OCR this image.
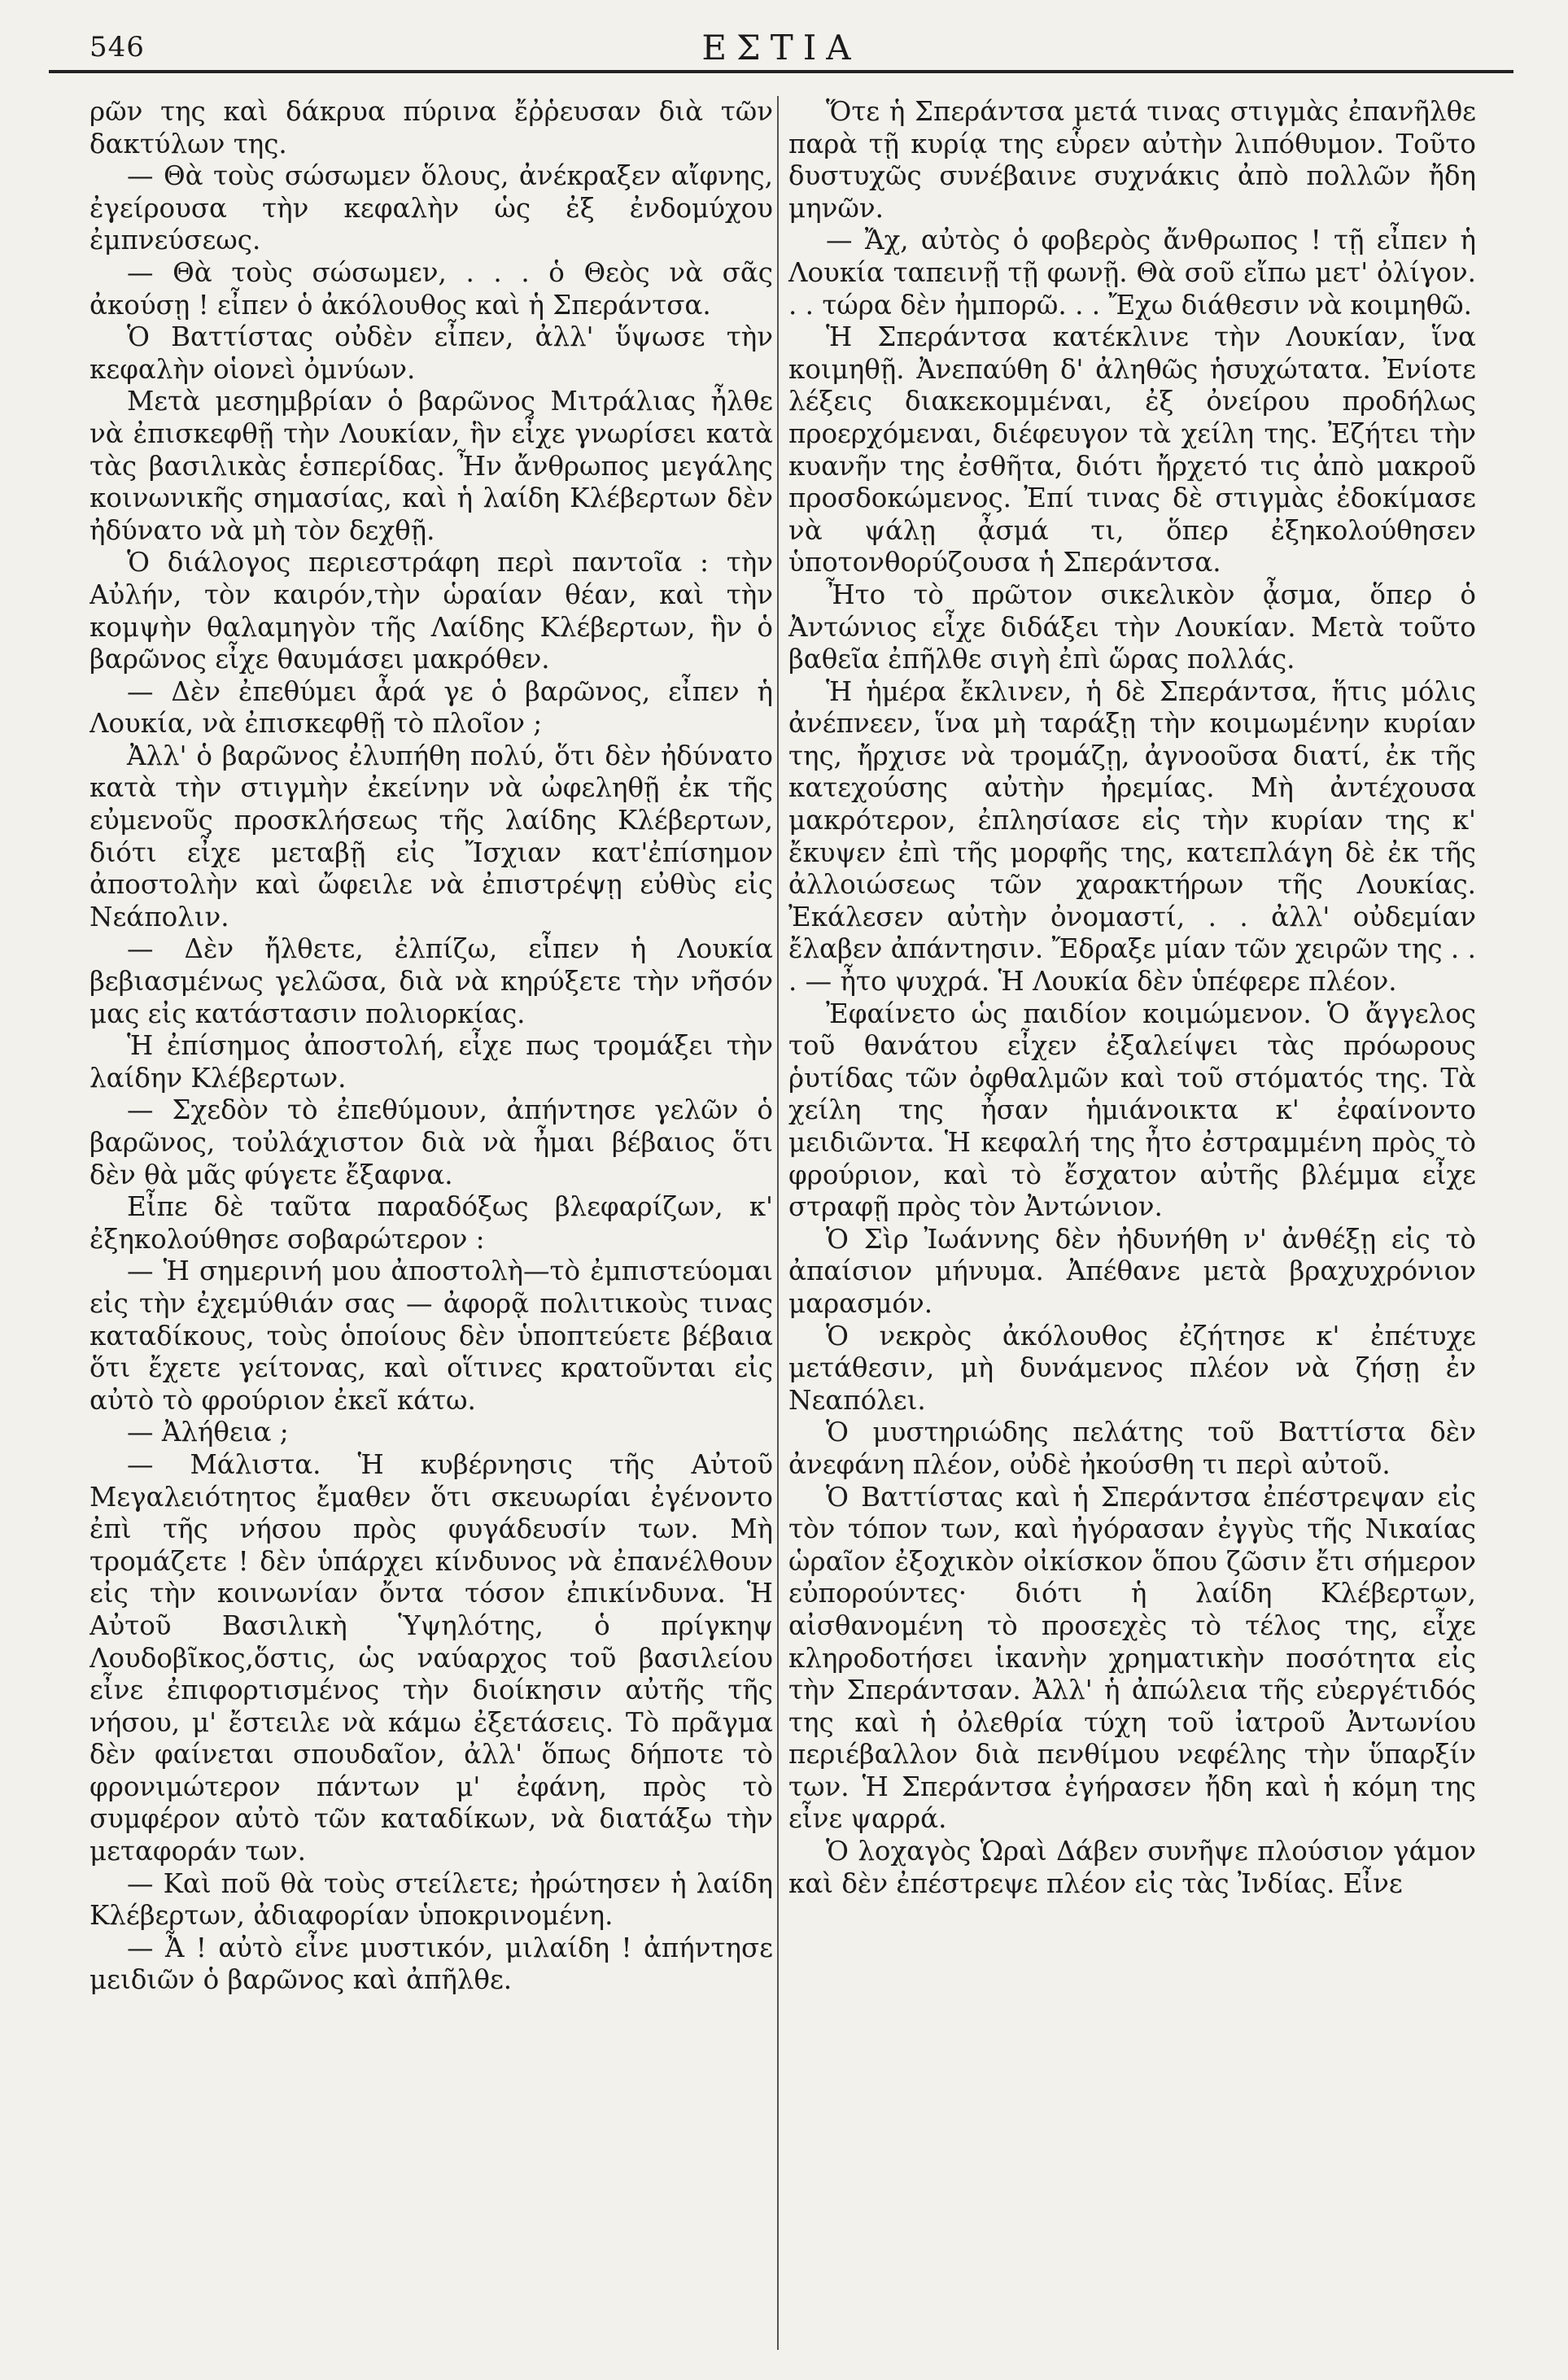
546	ΕΣΤΙΑ

ρῶν της καὶ δάκρυα πύρινα ἔῤῥευσαν διὰ τῶν δακτύλων της.

— Θὰ τοὺς σώσωμεν ὅλους, ἀνέκραξεν αἴφνης, ἐγείρουσα τὴν κεφαλὴν ὡς ἐξ ἐνδομύχου ἐμπνεύσεως.

— Θὰ τοὺς σώσωμεν, . . . ὁ Θεὸς νὰ σᾶς ἀκούσῃ ! εἶπεν ὁ ἀκόλουθος καὶ ἡ Σπεράντσα.

Ὁ Βαττίστας οὐδὲν εἶπεν, ἀλλ' ὕψωσε τὴν κεφαλὴν οἱονεὶ ὀμνύων.

Μετὰ μεσημβρίαν ὁ βαρῶνος Μιτράλιας ἦλθε νὰ ἐπισκεφθῇ τὴν Λουκίαν, ἣν εἶχε γνωρίσει κατὰ τὰς βασιλικὰς ἑσπερίδας. Ἦν ἄνθρωπος μεγάλης κοινωνικῆς σημασίας, καὶ ἡ λαίδη Κλέβερτων δὲν ἠδύνατο νὰ μὴ τὸν δεχθῇ.

Ὁ διάλογος περιεστράφη περὶ παντοῖα : τὴν Αὐλήν, τὸν καιρόν,τὴν ὡραίαν θέαν, καὶ τὴν κομψὴν θαλαμηγὸν τῆς Λαίδης Κλέβερτων, ἣν ὁ βαρῶνος εἶχε θαυμάσει μακρόθεν.

— Δὲν ἐπεθύμει ἆρά γε ὁ βαρῶνος, εἶπεν ἡ Λουκία, νὰ ἐπισκεφθῇ τὸ πλοῖον ;

Ἀλλ' ὁ βαρῶνος ἐλυπήθη πολύ, ὅτι δὲν ἠδύνατο κατὰ τὴν στιγμὴν ἐκείνην νὰ ὠφεληθῇ ἐκ τῆς εὐμενοῦς προσκλήσεως τῆς λαίδης Κλέβερτων, διότι εἶχε μεταβῇ εἰς Ἴσχιαν κατ'ἐπίσημον ἀποστολὴν καὶ ὤφειλε νὰ ἐπιστρέψῃ εὐθὺς εἰς Νεάπολιν.

— Δὲν ἤλθετε, ἐλπίζω, εἶπεν ἡ Λουκία βεβιασμένως γελῶσα, διὰ νὰ κηρύξετε τὴν νῆσόν μας εἰς κατάστασιν πολιορκίας.

Ἡ ἐπίσημος ἀποστολή, εἶχε πως τρομάξει τὴν λαίδην Κλέβερτων.

— Σχεδὸν τὸ ἐπεθύμουν, ἀπήντησε γελῶν ὁ βαρῶνος, τοὐλάχιστον διὰ νὰ ἦμαι βέβαιος ὅτι δὲν θὰ μᾶς φύγετε ἔξαφνα.

Εἶπε δὲ ταῦτα παραδόξως βλεφαρίζων, κ' ἐξηκολούθησε σοβαρώτερον :

— Ἡ σημερινή μου ἀποστολὴ—τὸ ἐμπιστεύομαι εἰς τὴν ἐχεμύθιάν σας — ἀφορᾷ πολιτικοὺς τινας καταδίκους, τοὺς ὁποίους δὲν ὑποπτεύετε βέβαια ὅτι ἔχετε γείτονας, καὶ οἵτινες κρατοῦνται εἰς αὐτὸ τὸ φρούριον ἐκεῖ κάτω.

— Ἀλήθεια ;

— Μάλιστα. Ἡ κυβέρνησις τῆς Αὐτοῦ Μεγαλειότητος ἔμαθεν ὅτι σκευωρίαι ἐγένοντο ἐπὶ τῆς νήσου πρὸς φυγάδευσίν των. Μὴ τρομάζετε ! δὲν ὑπάρχει κίνδυνος νὰ ἐπανέλθουν εἰς τὴν κοινωνίαν ὄντα τόσον ἐπικίνδυνα. Ἡ Αὐτοῦ Βασιλικὴ Ὑψηλότης, ὁ πρίγκηψ Λουδοβῖκος,ὅστις, ὡς ναύαρχος τοῦ βασιλείου εἶνε ἐπιφορτισμένος τὴν διοίκησιν αὐτῆς τῆς νήσου, μ' ἔστειλε νὰ κάμω ἐξετάσεις. Τὸ πρᾶγμα δὲν φαίνεται σπουδαῖον, ἀλλ' ὅπως δήποτε τὸ φρονιμώτερον πάντων μ' ἐφάνη, πρὸς τὸ συμφέρον αὐτὸ τῶν καταδίκων, νὰ διατάξω τὴν μεταφοράν των.

— Καὶ ποῦ θὰ τοὺς στείλετε; ἠρώτησεν ἡ λαίδη Κλέβερτων, ἀδιαφορίαν ὑποκρινομένη.

— Ἆ ! αὐτὸ εἶνε μυστικόν, μιλαίδη ! ἀπήντησε μειδιῶν ὁ βαρῶνος καὶ ἀπῆλθε.

Ὅτε ἡ Σπεράντσα μετά τινας στιγμὰς ἐπανῆλθε παρὰ τῇ κυρίᾳ της εὗρεν αὐτὴν λιπόθυμον. Τοῦτο δυστυχῶς συνέβαινε συχνάκις ἀπὸ πολλῶν ἤδη μηνῶν.

— Ἄχ, αὐτὸς ὁ φοβερὸς ἄνθρωπος ! τῇ εἶπεν ἡ Λουκία ταπεινῇ τῇ φωνῇ. Θὰ σοῦ εἴπω μετ' ὀλίγον. . . τώρα δὲν ἠμπορῶ. . . Ἔχω διάθεσιν νὰ κοιμηθῶ.

Ἡ Σπεράντσα κατέκλινε τὴν Λουκίαν, ἵνα κοιμηθῇ. Ἀνεπαύθη δ' ἀληθῶς ἡσυχώτατα. Ἐνίοτε λέξεις διακεκομμέναι, ἐξ ὀνείρου προδήλως προερχόμεναι, διέφευγον τὰ χείλη της. Ἐζήτει τὴν κυανῆν της ἐσθῆτα, διότι ἤρχετό τις ἀπὸ μακροῦ προσδοκώμενος. Ἐπί τινας δὲ στιγμὰς ἐδοκίμασε νὰ ψάλῃ ᾆσμά τι, ὅπερ ἐξηκολούθησεν ὑποτονθορύζουσα ἡ Σπεράντσα.

Ἦτο τὸ πρῶτον σικελικὸν ᾆσμα, ὅπερ ὁ Ἀντώνιος εἶχε διδάξει τὴν Λουκίαν. Μετὰ τοῦτο βαθεῖα ἐπῆλθε σιγὴ ἐπὶ ὥρας πολλάς.

Ἡ ἡμέρα ἔκλινεν, ἡ δὲ Σπεράντσα, ἥτις μόλις ἀνέπνεεν, ἵνα μὴ ταράξῃ τὴν κοιμωμένην κυρίαν της, ἤρχισε νὰ τρομάζῃ, ἀγνοοῦσα διατί, ἐκ τῆς κατεχούσης αὐτὴν ἠρεμίας. Μὴ ἀντέχουσα μακρότερον, ἐπλησίασε εἰς τὴν κυρίαν της κ' ἔκυψεν ἐπὶ τῆς μορφῆς της, κατεπλάγη δὲ ἐκ τῆς ἀλλοιώσεως τῶν χαρακτήρων τῆς Λουκίας. Ἐκάλεσεν αὐτὴν ὀνομαστί, . . ἀλλ' οὐδεμίαν ἔλαβεν ἀπάντησιν. Ἔδραξε μίαν τῶν χειρῶν της . . . — ἦτο ψυχρά. Ἡ Λουκία δὲν ὑπέφερε πλέον.

Ἐφαίνετο ὡς παιδίον κοιμώμενον. Ὁ ἄγγελος τοῦ θανάτου εἶχεν ἐξαλείψει τὰς πρόωρους ῥυτίδας τῶν ὀφθαλμῶν καὶ τοῦ στόματός της. Τὰ χείλη της ἦσαν ἡμιάνοικτα κ' ἐφαίνοντο μειδιῶντα. Ἡ κεφαλή της ἦτο ἐστραμμένη πρὸς τὸ φρούριον, καὶ τὸ ἔσχατον αὐτῆς βλέμμα εἶχε στραφῇ πρὸς τὸν Ἀντώνιον.

Ὁ Σὶρ Ἰωάννης δὲν ἠδυνήθη ν' ἀνθέξῃ εἰς τὸ ἀπαίσιον μήνυμα. Ἀπέθανε μετὰ βραχυχρόνιον μαρασμόν.

Ὁ νεκρὸς ἀκόλουθος ἐζήτησε κ' ἐπέτυχε μετάθεσιν, μὴ δυνάμενος πλέον νὰ ζήσῃ ἐν Νεαπόλει.

Ὁ μυστηριώδης πελάτης τοῦ Βαττίστα δὲν ἀνεφάνη πλέον, οὐδὲ ἠκούσθη τι περὶ αὐτοῦ.

Ὁ Βαττίστας καὶ ἡ Σπεράντσα ἐπέστρεψαν εἰς τὸν τόπον των, καὶ ἠγόρασαν ἐγγὺς τῆς Νικαίας ὡραῖον ἐξοχικὸν οἰκίσκον ὅπου ζῶσιν ἔτι σήμερον εὐπορούντες· διότι ἡ λαίδη Κλέβερτων, αἰσθανομένη τὸ προσεχὲς τὸ τέλος της, εἶχε κληροδοτήσει ἱκανὴν χρηματικὴν ποσότητα εἰς τὴν Σπεράντσαν. Ἀλλ' ἡ ἀπώλεια τῆς εὐεργέτιδός της καὶ ἡ ὀλεθρία τύχη τοῦ ἰατροῦ Ἀντωνίου περιέβαλλον διὰ πενθίμου νεφέλης τὴν ὕπαρξίν των. Ἡ Σπεράντσα ἐγήρασεν ἤδη καὶ ἡ κόμη της εἶνε ψαρρά.

Ὁ λοχαγὸς Ὡραὶ Δάβεν συνῆψε πλούσιον γάμον καὶ δὲν ἐπέστρεψε πλέον εἰς τὰς Ἰνδίας. Εἶνε
